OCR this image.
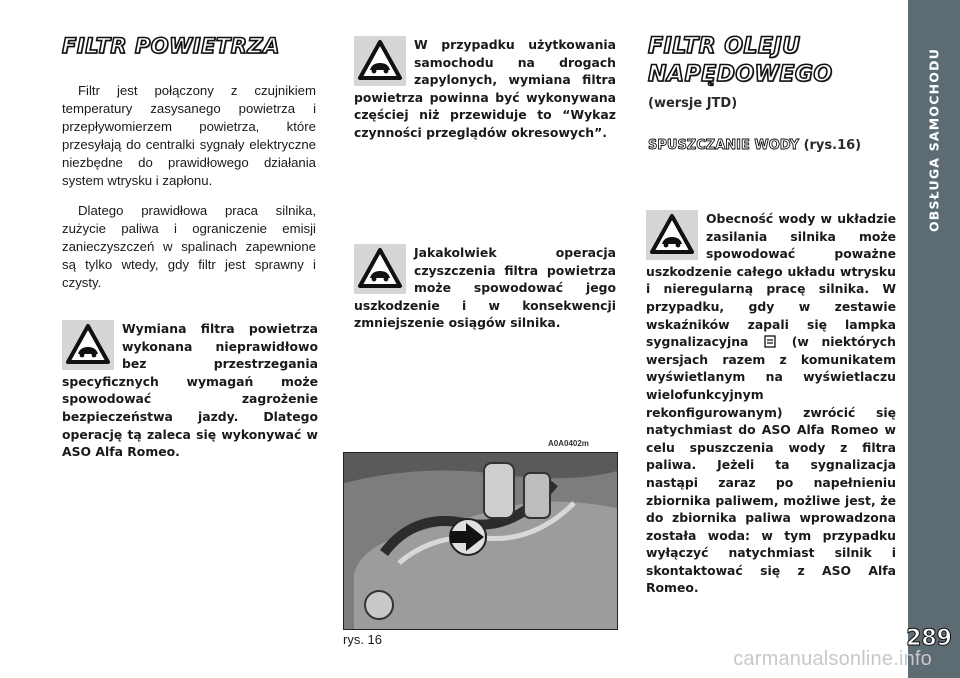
FILTR POWIETRZA

Filtr jest połączony z czujnikiem temperatury zasysanego powietrza i przepływomierzem powietrza, które przesyłają do centralki sygnały elektryczne niezbędne do prawidłowego działania system wtrysku i zapłonu.

Dlatego prawidłowa praca silnika, zużycie paliwa i ograniczenie emisji zanieczyszczeń w spalinach zapewnione są tylko wtedy, gdy filtr jest sprawny i czysty.

Wymiana filtra powietrza wykonana nieprawidłowo bez przestrzegania specyficznych wymagań może spowodować zagrożenie bezpieczeństwa jazdy. Dlatego operację tą zaleca się wykonywać w ASO Alfa Romeo.
W przypadku użytkowania samochodu na drogach zapylonych, wymiana filtra powietrza powinna być wykonywana częściej niż przewiduje to “Wykaz czynności przeglądów okresowych”.
Jakakolwiek operacja czyszczenia filtra powietrza może spowodować jego uszkodzenie i w konsekwencji zmniejszenie osiągów silnika.
A0A0402m
rys. 16
FILTR OLEJU
NAPĘDOWEGO
(wersje JTD)
SPUSZCZANIE WODY (rys.16)
Obecność wody w układzie zasilania silnika może spowodować poważne uszkodzenie całego układu wtrysku i nieregularną pracę silnika. W przypadku, gdy w zestawie wskaźników zapali się lampka sygnalizacyjna	(w niektórych wersjach razem z komunikatem wyświetlanym na wyświetlaczu wielofunkcyjnym rekonfigurowanym) zwrócić się natychmiast do ASO Alfa Romeo w celu spuszczenia wody z filtra paliwa. Jeżeli ta sygnalizacja nastąpi zaraz po napełnieniu zbiornika paliwem, możliwe jest, że do zbiornika paliwa wprowadzona została woda: w tym przypadku wyłączyć natychmiast silnik i skontaktować się z ASO Alfa Romeo.
OBSŁUGA SAMOCHODU
289
carmanualsonline.info
